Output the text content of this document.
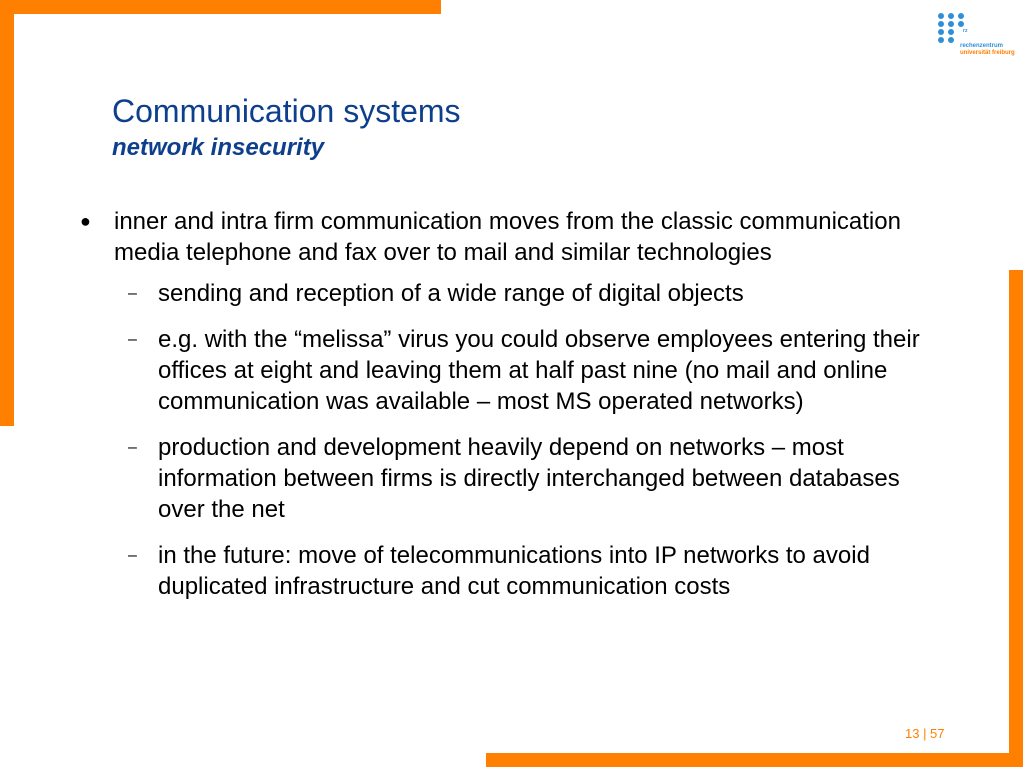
rz
rechenzentrum
universität freiburg
Communication systems
network insecurity
● inner and intra firm communication moves from the classic communication media telephone and fax over to mail and similar technologies
– sending and reception of a wide range of digital objects
– e.g. with the “melissa” virus you could observe employees entering their offices at eight and leaving them at half past nine (no mail and online communication was available – most MS operated networks)
– production and development heavily depend on networks – most information between firms is directly interchanged between databases over the net
– in the future: move of telecommunications into IP networks to avoid duplicated infrastructure and cut communication costs
13 | 57
